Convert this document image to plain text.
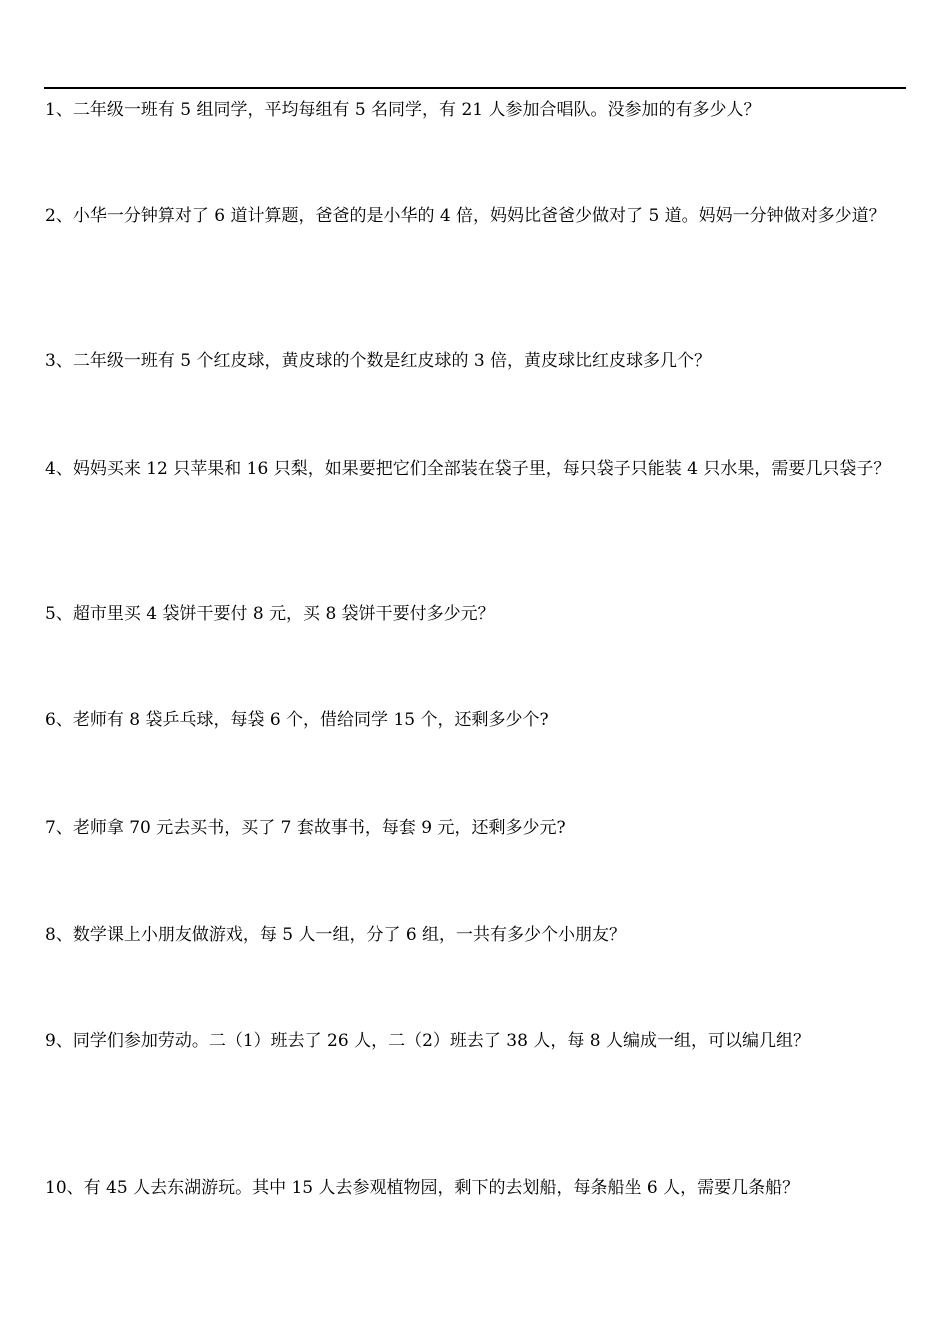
1、二年级一班有 5 组同学，平均每组有 5 名同学，有 21 人参加合唱队。没参加的有多少人？

2、小华一分钟算对了 6 道计算题，爸爸的是小华的 4 倍，妈妈比爸爸少做对了 5 道。妈妈一分钟做对多少道？

3、二年级一班有 5 个红皮球，黄皮球的个数是红皮球的 3 倍，黄皮球比红皮球多几个？

4、妈妈买来 12 只苹果和 16 只梨，如果要把它们全部装在袋子里，每只袋子只能装 4 只水果，需要几只袋子？

5、超市里买 4 袋饼干要付 8 元，买 8 袋饼干要付多少元？

6、老师有 8 袋乒乓球，每袋 6 个，借给同学 15 个，还剩多少个?

7、老师拿 70 元去买书，买了 7 套故事书，每套 9 元，还剩多少元?

8、数学课上小朋友做游戏，每 5 人一组，分了 6 组，一共有多少个小朋友？

9、同学们参加劳动。二（1）班去了 26 人，二（2）班去了 38 人，每 8 人编成一组，可以编几组？

10、有 45 人去东湖游玩。其中 15 人去参观植物园，剩下的去划船，每条船坐 6 人，需要几条船？
